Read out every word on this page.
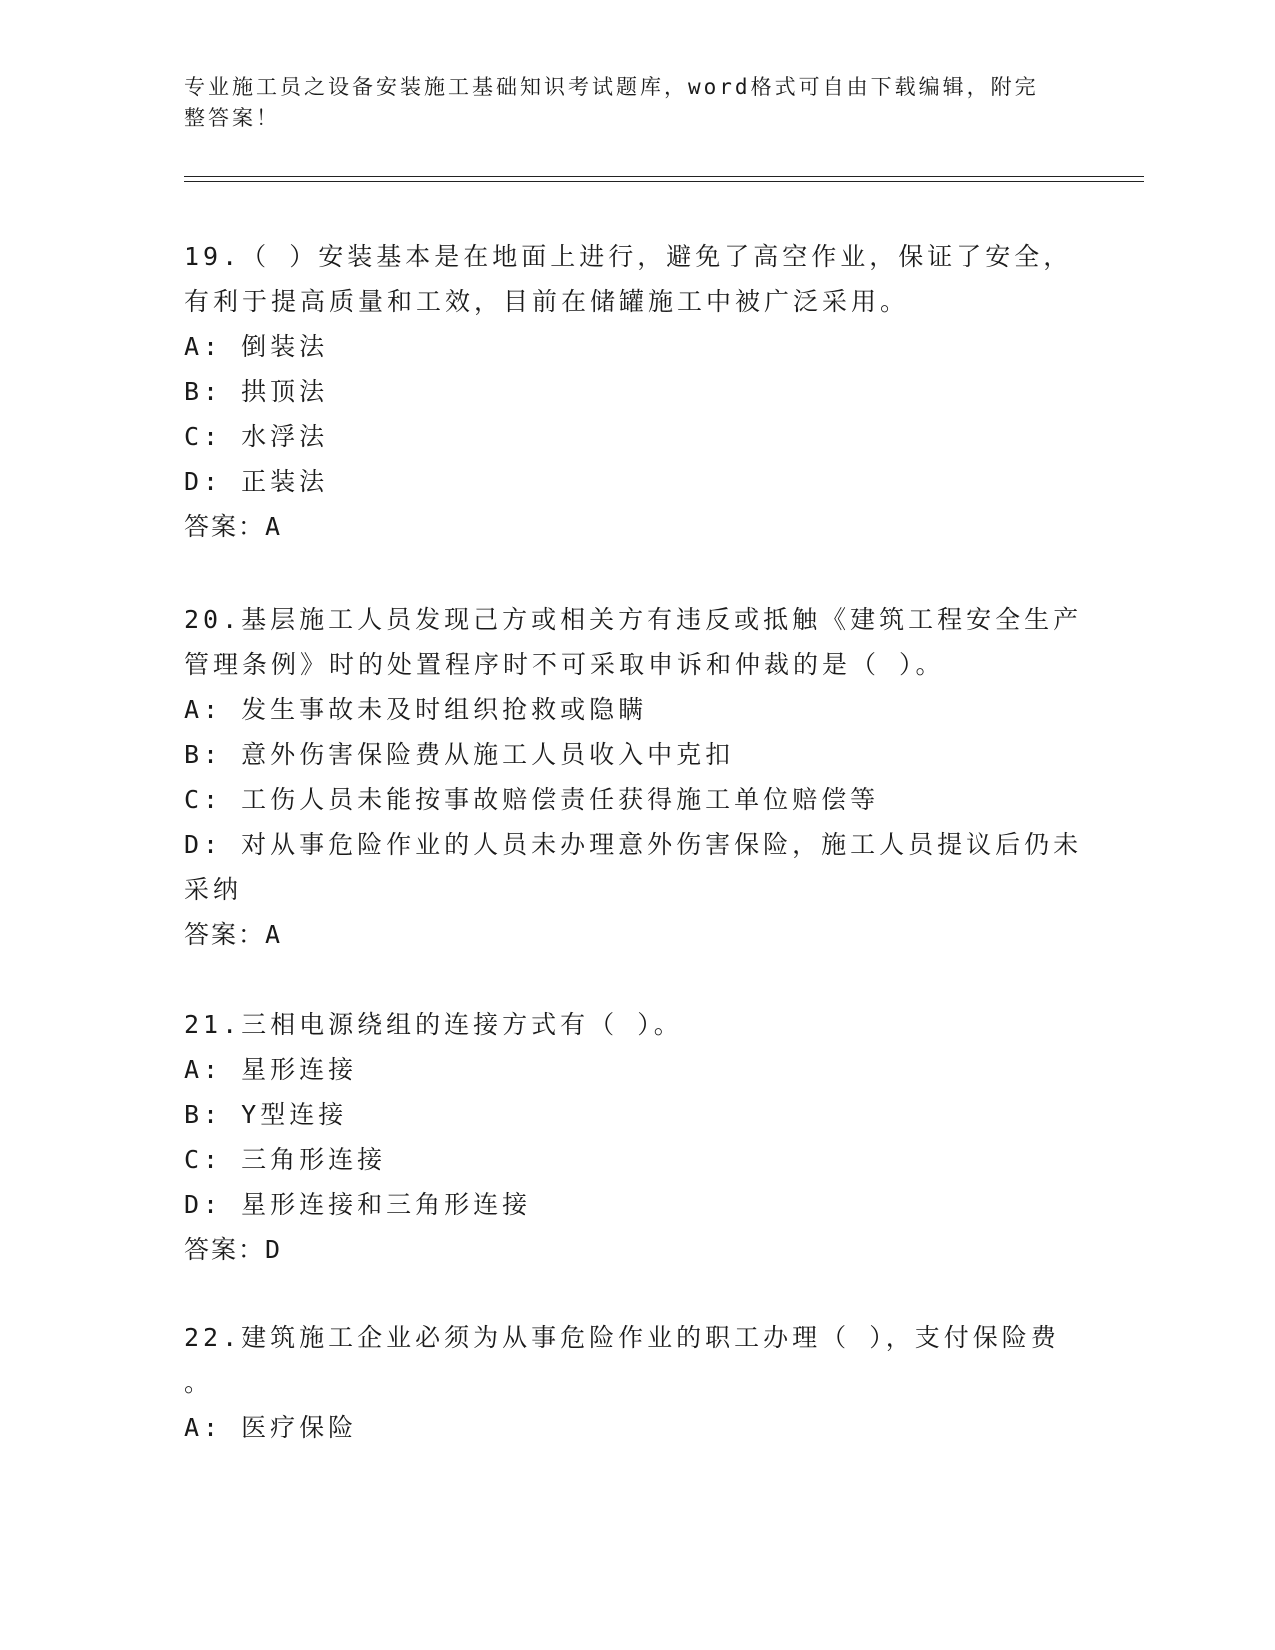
专业施工员之设备安装施工基础知识考试题库，word格式可自由下载编辑，附完
整答案！
19.（ ）安装基本是在地面上进行，避免了高空作业，保证了安全，
有利于提高质量和工效，目前在储罐施工中被广泛采用。
A: 倒装法
B: 拱顶法
C: 水浮法
D: 正装法
答案：A
20.基层施工人员发现己方或相关方有违反或抵触《建筑工程安全生产
管理条例》时的处置程序时不可采取申诉和仲裁的是（ ）。
A: 发生事故未及时组织抢救或隐瞒
B: 意外伤害保险费从施工人员收入中克扣
C: 工伤人员未能按事故赔偿责任获得施工单位赔偿等
D: 对从事危险作业的人员未办理意外伤害保险，施工人员提议后仍未
采纳
答案：A
21.三相电源绕组的连接方式有（ ）。
A: 星形连接
B: Y型连接
C: 三角形连接
D: 星形连接和三角形连接
答案：D
22.建筑施工企业必须为从事危险作业的职工办理（ ），支付保险费
。
A: 医疗保险
